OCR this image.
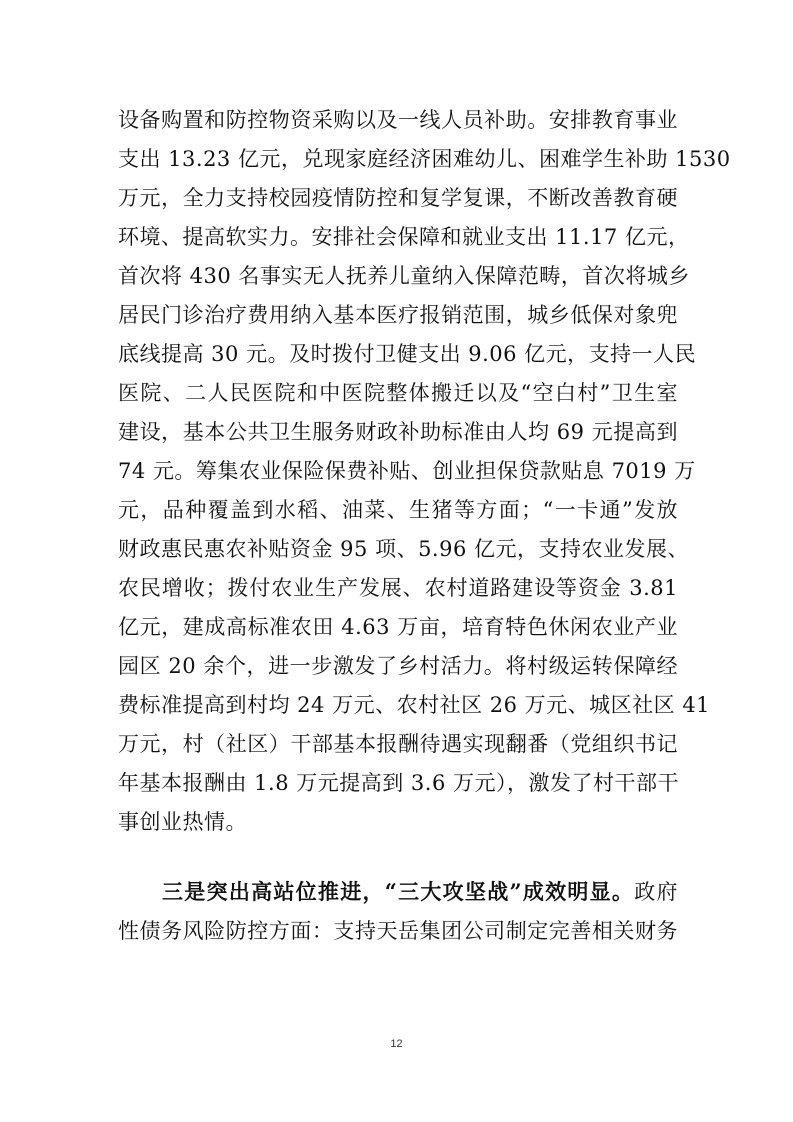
设备购置和防控物资采购以及一线人员补助。安排教育事业
支出 13.23 亿元，兑现家庭经济困难幼儿、困难学生补助 1530
万元，全力支持校园疫情防控和复学复课，不断改善教育硬
环境、提高软实力。安排社会保障和就业支出 11.17 亿元，
首次将 430 名事实无人抚养儿童纳入保障范畴，首次将城乡
居民门诊治疗费用纳入基本医疗报销范围，城乡低保对象兜
底线提高 30 元。及时拨付卫健支出 9.06 亿元，支持一人民
医院、二人民医院和中医院整体搬迁以及“空白村”卫生室
建设，基本公共卫生服务财政补助标准由人均 69 元提高到
74 元。筹集农业保险保费补贴、创业担保贷款贴息 7019 万
元，品种覆盖到水稻、油菜、生猪等方面；“一卡通”发放
财政惠民惠农补贴资金 95 项、5.96 亿元，支持农业发展、
农民增收；拨付农业生产发展、农村道路建设等资金 3.81
亿元，建成高标准农田 4.63 万亩，培育特色休闲农业产业
园区 20 余个，进一步激发了乡村活力。将村级运转保障经
费标准提高到村均 24 万元、农村社区 26 万元、城区社区 41
万元，村（社区）干部基本报酬待遇实现翻番（党组织书记
年基本报酬由 1.8 万元提高到 3.6 万元），激发了村干部干
事创业热情。
三是突出高站位推进，“三大攻坚战”成效明显。政府
性债务风险防控方面：支持天岳集团公司制定完善相关财务
12
